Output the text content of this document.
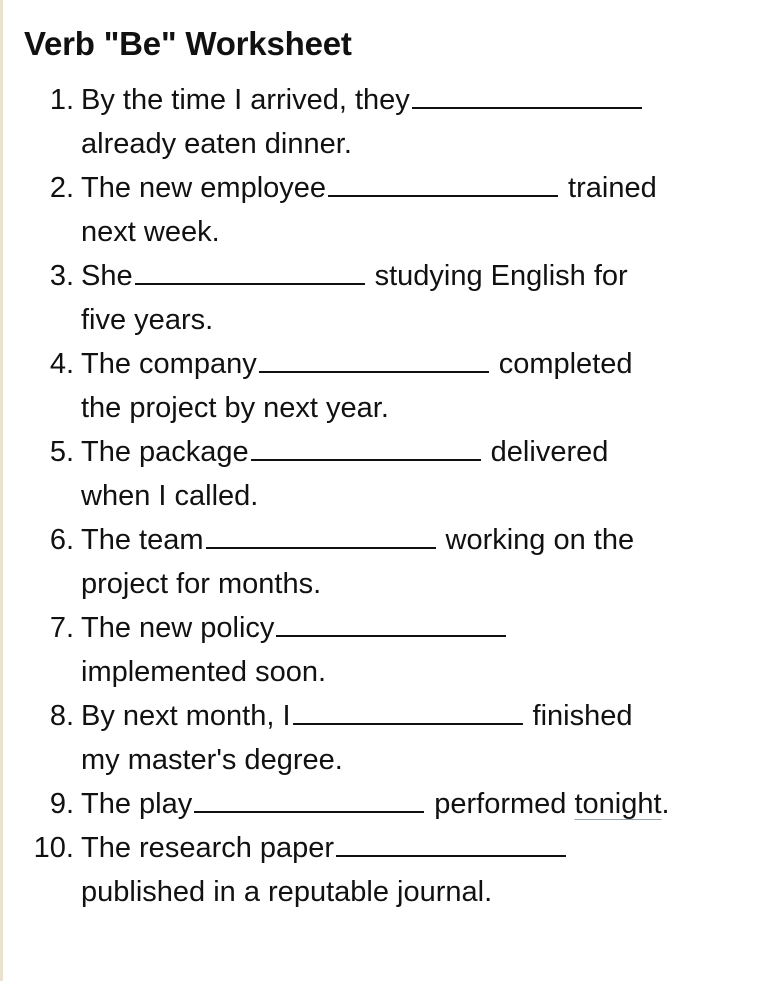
Verb "Be" Worksheet
1. By the time I arrived, they
already eaten dinner.
2. The new employee	trained
next week.
3. She	studying English for
five years.
4. The company	completed
the project by next year.
5. The package	delivered
when I called.
6. The team	working on the
project for months.
7. The new policy
implemented soon.
8. By next month, I	finished
my master's degree.
9. The play	performed tonight.
10. The research paper
published in a reputable journal.
